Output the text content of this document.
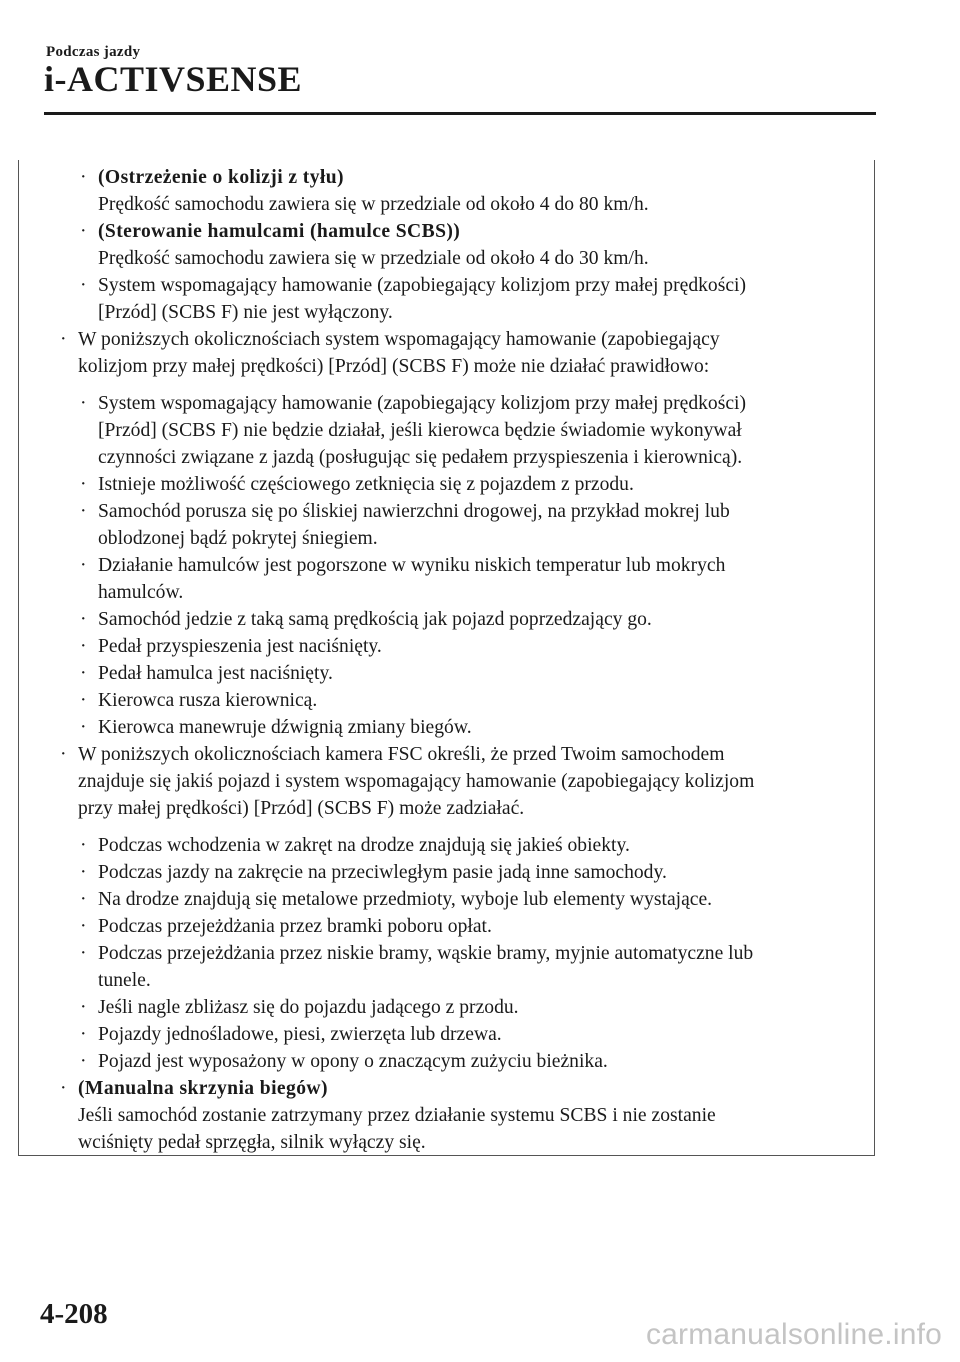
Podczas jazdy
i-ACTIVSENSE
· (Ostrzeżenie o kolizji z tyłu)
Prędkość samochodu zawiera się w przedziale od około 4 do 80 km/h.
· (Sterowanie hamulcami (hamulce SCBS))
Prędkość samochodu zawiera się w przedziale od około 4 do 30 km/h.
· System wspomagający hamowanie (zapobiegający kolizjom przy małej prędkości)
[Przód] (SCBS F) nie jest wyłączony.
· W poniższych okolicznościach system wspomagający hamowanie (zapobiegający
kolizjom przy małej prędkości) [Przód] (SCBS F) może nie działać prawidłowo:
· System wspomagający hamowanie (zapobiegający kolizjom przy małej prędkości)
[Przód] (SCBS F) nie będzie działał, jeśli kierowca będzie świadomie wykonywał
czynności związane z jazdą (posługując się pedałem przyspieszenia i kierownicą).
· Istnieje możliwość częściowego zetknięcia się z pojazdem z przodu.
· Samochód porusza się po śliskiej nawierzchni drogowej, na przykład mokrej lub
oblodzonej bądź pokrytej śniegiem.
· Działanie hamulców jest pogorszone w wyniku niskich temperatur lub mokrych
hamulców.
· Samochód jedzie z taką samą prędkością jak pojazd poprzedzający go.
· Pedał przyspieszenia jest naciśnięty.
· Pedał hamulca jest naciśnięty.
· Kierowca rusza kierownicą.
· Kierowca manewruje dźwignią zmiany biegów.
· W poniższych okolicznościach kamera FSC określi, że przed Twoim samochodem
znajduje się jakiś pojazd i system wspomagający hamowanie (zapobiegający kolizjom
przy małej prędkości) [Przód] (SCBS F) może zadziałać.
· Podczas wchodzenia w zakręt na drodze znajdują się jakieś obiekty.
· Podczas jazdy na zakręcie na przeciwległym pasie jadą inne samochody.
· Na drodze znajdują się metalowe przedmioty, wyboje lub elementy wystające.
· Podczas przejeżdżania przez bramki poboru opłat.
· Podczas przejeżdżania przez niskie bramy, wąskie bramy, myjnie automatyczne lub
tunele.
· Jeśli nagle zbliżasz się do pojazdu jadącego z przodu.
· Pojazdy jednośladowe, piesi, zwierzęta lub drzewa.
· Pojazd jest wyposażony w opony o znaczącym zużyciu bieżnika.
· (Manualna skrzynia biegów)
Jeśli samochód zostanie zatrzymany przez działanie systemu SCBS i nie zostanie
wciśnięty pedał sprzęgła, silnik wyłączy się.
4-208
carmanualsonline.info
